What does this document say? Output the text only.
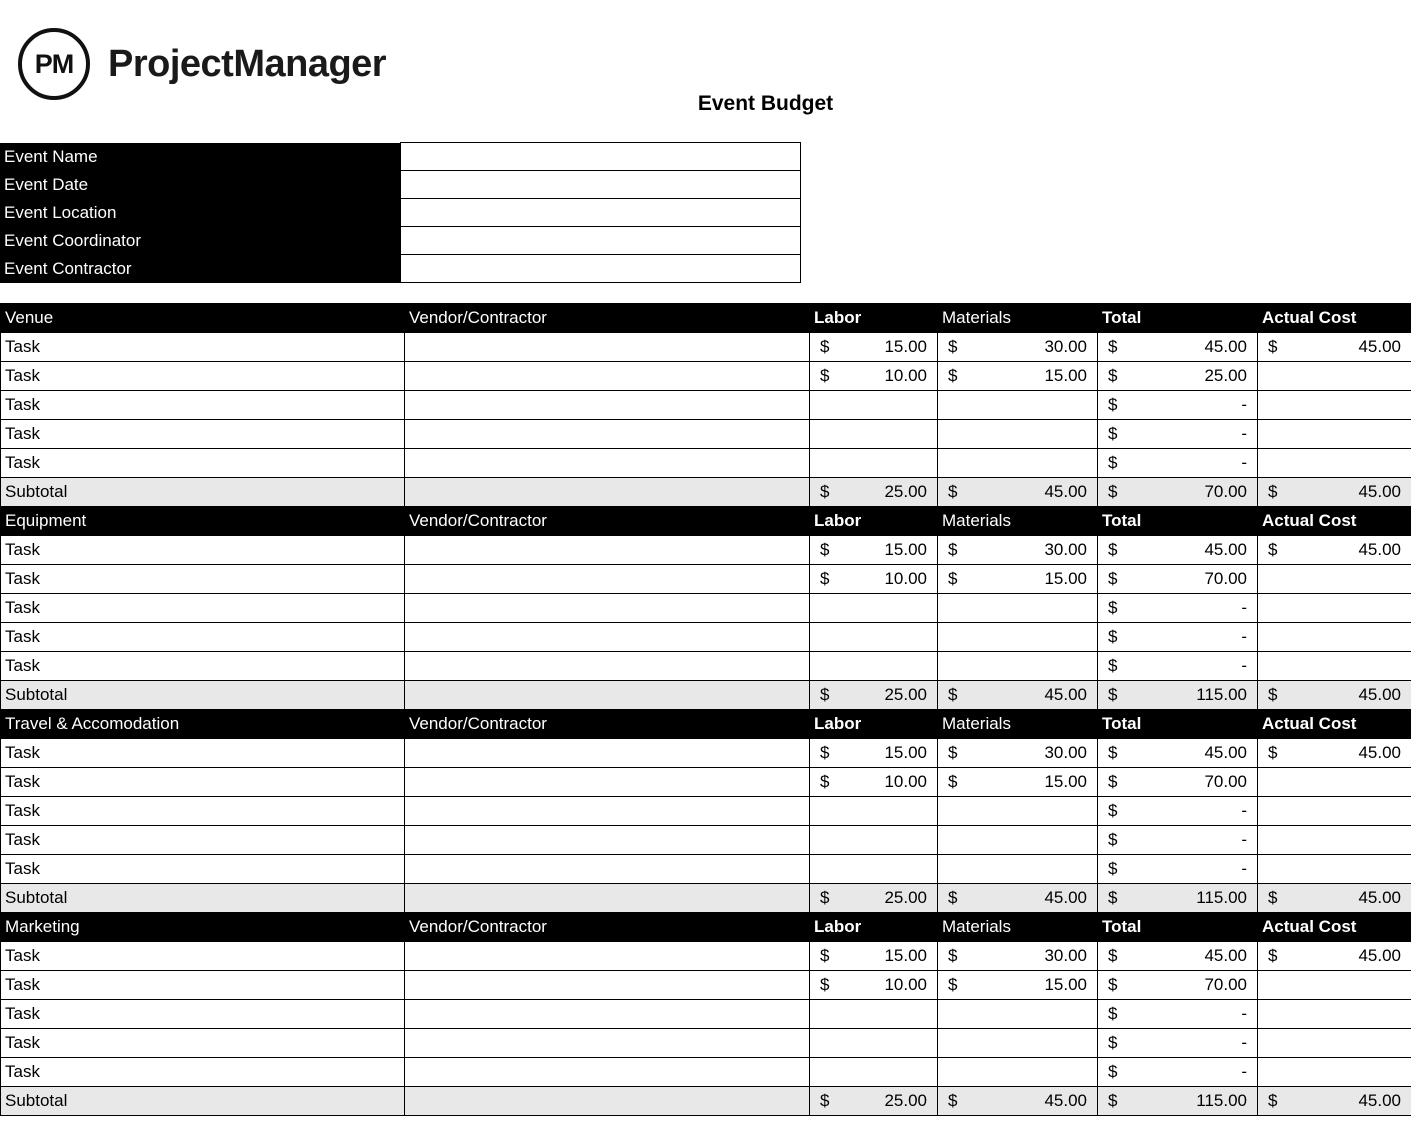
PM ProjectManager
Event Budget
Event Name	
Event Date	
Event Location	
Event Coordinator	
Event Contractor	
Venue	Vendor/Contractor	Labor	Materials	Total	Actual Cost
Task		$ 15.00	$ 30.00	$ 45.00	$ 45.00

Task		$ 10.00	$ 15.00	$ 25.00	

Task				$ -	

Task				$ -	

Task				$ -	

Subtotal		$ 25.00	$ 45.00	$ 70.00	$ 45.00

Equipment	Vendor/Contractor	Labor	Materials	Total	Actual Cost
Task		$ 15.00	$ 30.00	$ 45.00	$ 45.00

Task		$ 10.00	$ 15.00	$ 70.00	

Task				$ -	

Task				$ -	

Task				$ -	

Subtotal		$ 25.00	$ 45.00	$ 115.00	$ 45.00

Travel & Accomodation	Vendor/Contractor	Labor	Materials	Total	Actual Cost
Task		$ 15.00	$ 30.00	$ 45.00	$ 45.00

Task		$ 10.00	$ 15.00	$ 70.00	

Task				$ -	

Task				$ -	

Task				$ -	

Subtotal		$ 25.00	$ 45.00	$ 115.00	$ 45.00

Marketing	Vendor/Contractor	Labor	Materials	Total	Actual Cost
Task		$ 15.00	$ 30.00	$ 45.00	$ 45.00

Task		$ 10.00	$ 15.00	$ 70.00	

Task				$ -	

Task				$ -	

Task				$ -	

Subtotal		$ 25.00	$ 45.00	$ 115.00	$ 45.00
